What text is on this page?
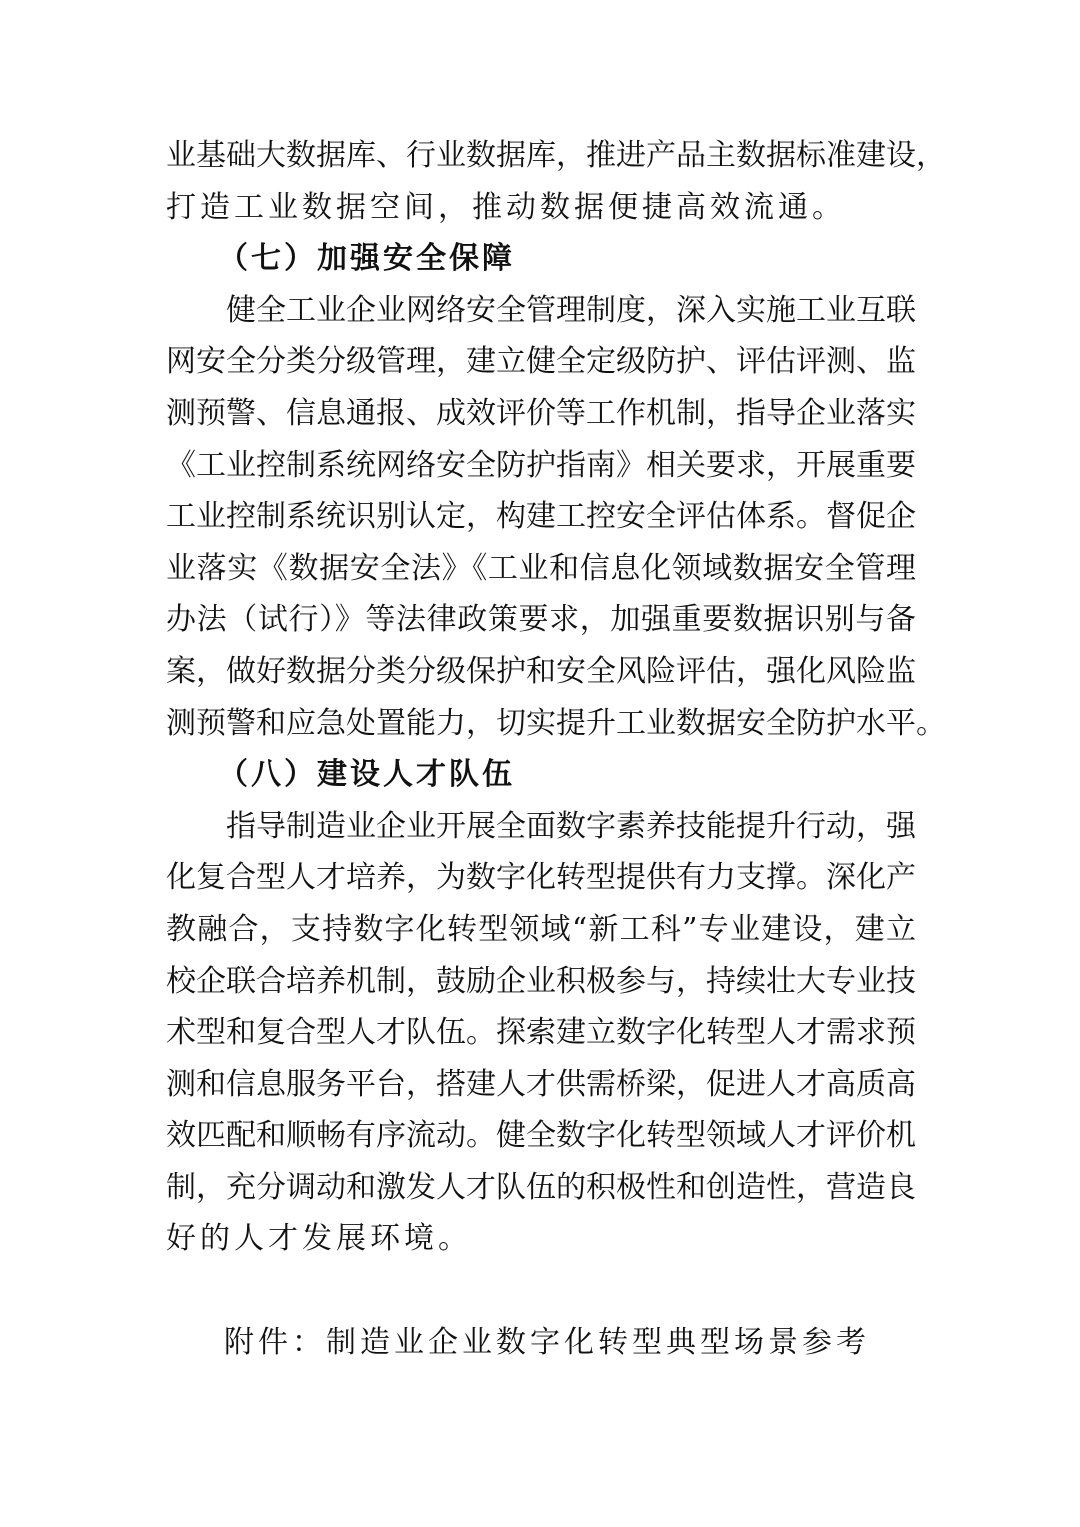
业基础大数据库、行业数据库，推进产品主数据标准建设，
打造工业数据空间，推动数据便捷高效流通。
（七）加强安全保障
健全工业企业网络安全管理制度，深入实施工业互联
网安全分类分级管理，建立健全定级防护、评估评测、监
测预警、信息通报、成效评价等工作机制，指导企业落实
《工业控制系统网络安全防护指南》相关要求，开展重要
工业控制系统识别认定，构建工控安全评估体系。督促企
业落实《数据安全法》《工业和信息化领域数据安全管理
办法（试行）》等法律政策要求，加强重要数据识别与备
案，做好数据分类分级保护和安全风险评估，强化风险监
测预警和应急处置能力，切实提升工业数据安全防护水平。
（八）建设人才队伍
指导制造业企业开展全面数字素养技能提升行动，强
化复合型人才培养，为数字化转型提供有力支撑。深化产
教融合，支持数字化转型领域“新工科”专业建设，建立
校企联合培养机制，鼓励企业积极参与，持续壮大专业技
术型和复合型人才队伍。探索建立数字化转型人才需求预
测和信息服务平台，搭建人才供需桥梁，促进人才高质高
效匹配和顺畅有序流动。健全数字化转型领域人才评价机
制，充分调动和激发人才队伍的积极性和创造性，营造良
好的人才发展环境。
附件：制造业企业数字化转型典型场景参考
